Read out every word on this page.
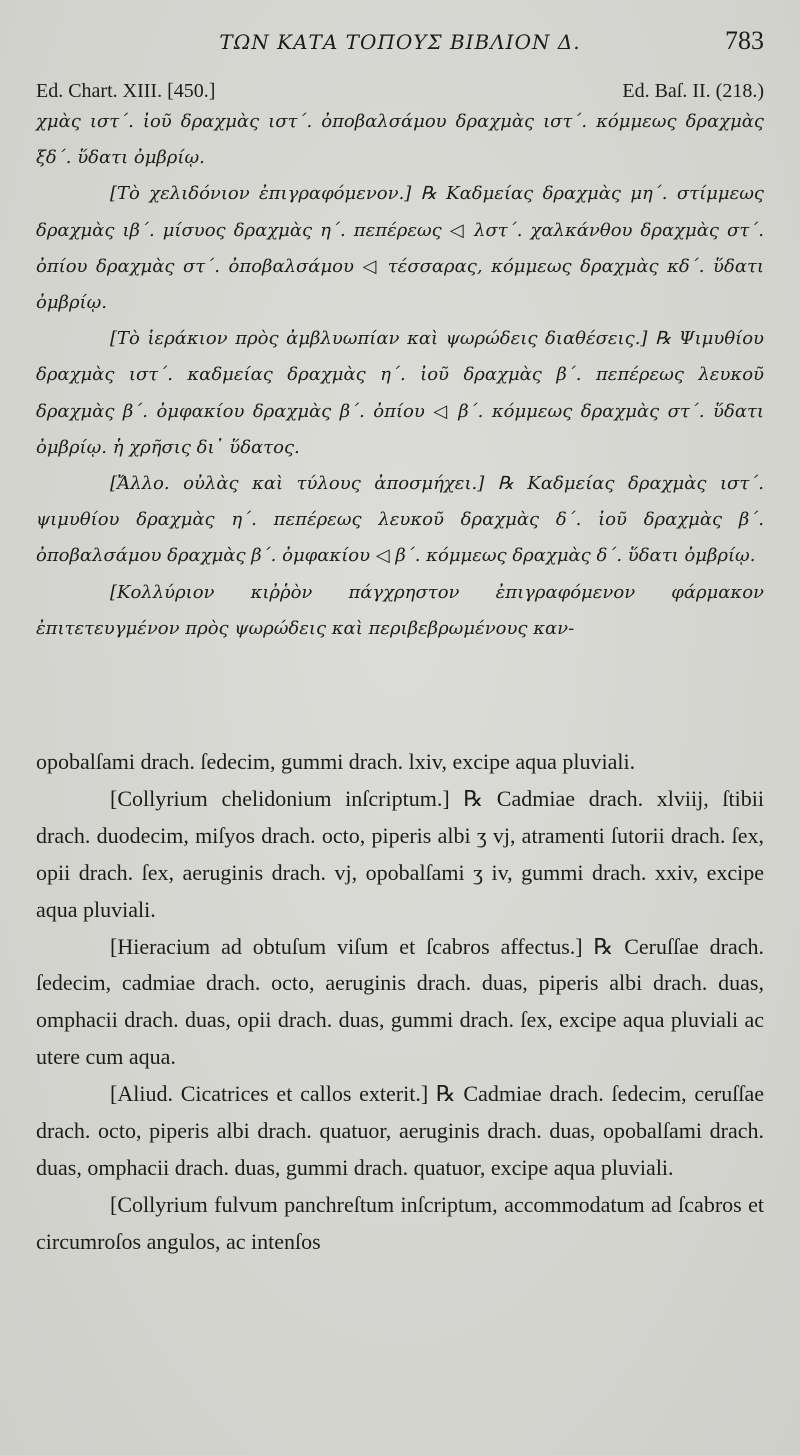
ΤΩΝ ΚΑΤΑ ΤΟΠΟΥΣ ΒΙΒΛΙΟΝ Δ.	783
Ed. Chart. XIII. [450.]	Ed. Baſ. II. (218.)

χμὰς ιστ΄. ἰοῦ δραχμὰς ιστ΄. ὀποβαλσάμου δραχμὰς ιστ΄. κόμμεως δραχμὰς ξδ΄. ὕδατι ὀμβρίῳ.

[Τὸ χελιδόνιον ἐπιγραφόμενον.] ℞ Καδμείας δραχμὰς μη΄. στίμμεως δραχμὰς ιβ΄. μίσυος δραχμὰς η΄. πεπέρεως ◁ λστ΄. χαλκάνθου δραχμὰς στ΄. ὀπίου δραχμὰς στ΄. ὀποβαλσάμου ◁ τέσσαρας, κόμμεως δραχμὰς κδ΄. ὕδατι ὀμβρίῳ.

[Τὸ ἱεράκιον πρὸς ἀμβλυωπίαν καὶ ψωρώδεις διαθέσεις.] ℞ Ψιμυθίου δραχμὰς ιστ΄. καδμείας δραχμὰς η΄. ἰοῦ δραχμὰς β΄. πεπέρεως λευκοῦ δραχμὰς β΄. ὀμφακίου δραχμὰς β΄. ὀπίου ◁ β΄. κόμμεως δραχμὰς στ΄. ὕδατι ὀμβρίῳ. ἡ χρῆσις δι᾿ ὕδατος.

[Ἄλλο. οὐλὰς καὶ τύλους ἀποσμήχει.] ℞ Καδμείας δραχμὰς ιστ΄. ψιμυθίου δραχμὰς η΄. πεπέρεως λευκοῦ δραχμὰς δ΄. ἰοῦ δραχμὰς β΄. ὀποβαλσάμου δραχμὰς β΄. ὀμφακίου ◁ β΄. κόμμεως δραχμὰς δ΄. ὕδατι ὀμβρίῳ.

[Κολλύριον κιῤῥὸν πάγχρηστον ἐπιγραφόμενον φάρμακον ἐπιτετευγμένον πρὸς ψωρώδεις καὶ περιβεβρωμένους καν-

opobalſami drach. ſedecim, gummi drach. lxiv, excipe aqua pluviali.

[Collyrium chelidonium inſcriptum.] ℞ Cadmiae drach. xlviij, ſtibii drach. duodecim, miſyos drach. octo, piperis albi ʒ vj, atramenti ſutorii drach. ſex, opii drach. ſex, aeruginis drach. vj, opobalſami ʒ iv, gummi drach. xxiv, excipe aqua pluviali.

[Hieracium ad obtuſum viſum et ſcabros affectus.] ℞ Ceruſſae drach. ſedecim, cadmiae drach. octo, aeruginis drach. duas, piperis albi drach. duas, omphacii drach. duas, opii drach. duas, gummi drach. ſex, excipe aqua pluviali ac utere cum aqua.

[Aliud. Cicatrices et callos exterit.] ℞ Cadmiae drach. ſedecim, ceruſſae drach. octo, piperis albi drach. quatuor, aeruginis drach. duas, opobalſami drach. duas, omphacii drach. duas, gummi drach. quatuor, excipe aqua pluviali.

[Collyrium fulvum panchreſtum inſcriptum, accommodatum ad ſcabros et circumroſos angulos, ac intenſos
